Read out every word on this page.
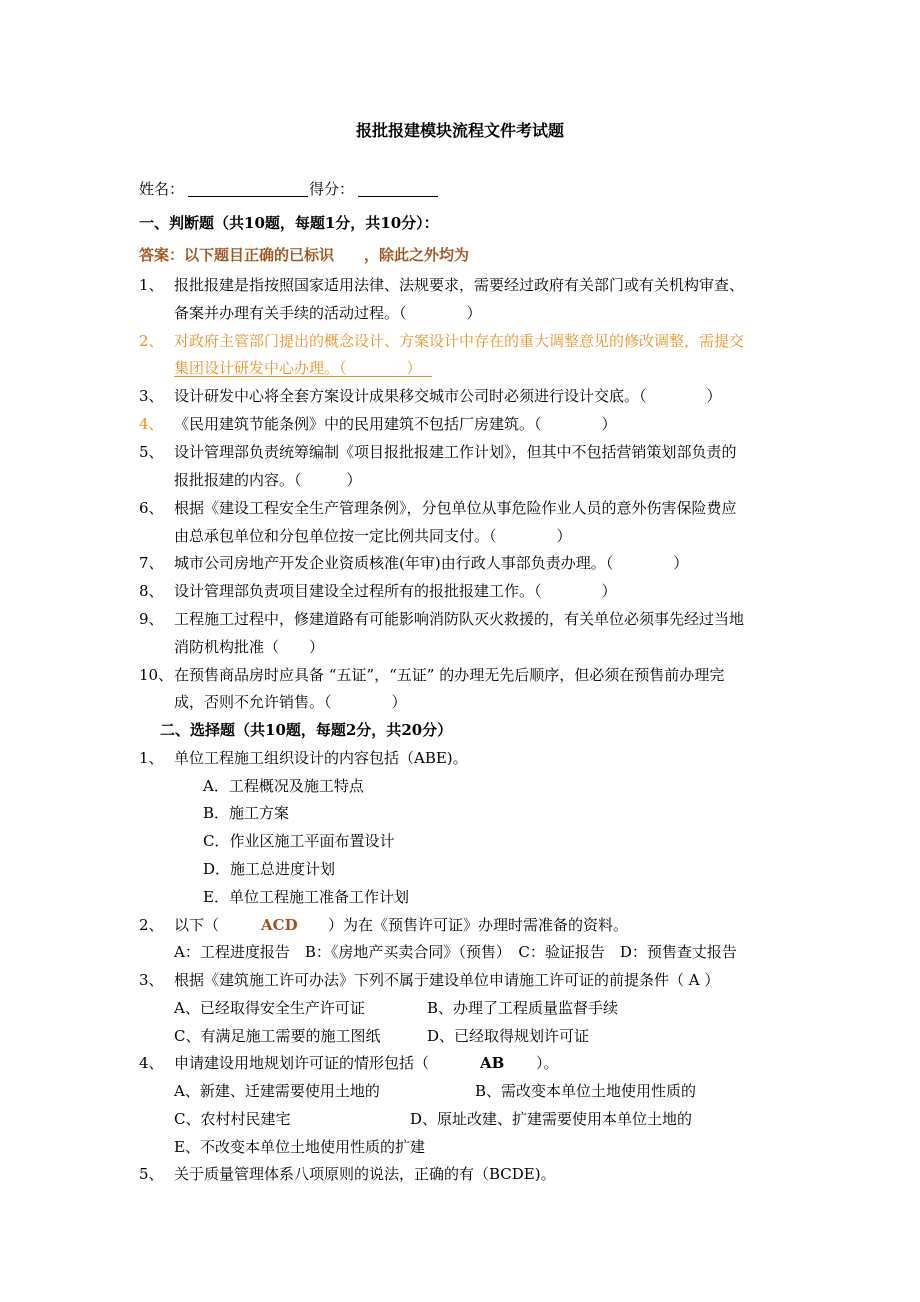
报批报建模块流程文件考试题
姓名：	得分：
一、判断题（共10题，每题1分，共10分）：
答案：以下题目正确的已标识　　，除此之外均为
1、 报批报建是指按照国家适用法律、法规要求，需要经过政府有关部门或有关机构审查、
备案并办理有关手续的活动过程。（　　　　）
2、 对政府主管部门提出的概念设计、方案设计中存在的重大调整意见的修改调整，需提交
集团设计研发中心办理。（　　　　）
3、 设计研发中心将全套方案设计成果移交城市公司时必须进行设计交底。（　　　　）
4、 《民用建筑节能条例》中的民用建筑不包括厂房建筑。（　　　　）
5、 设计管理部负责统筹编制《项目报批报建工作计划》，但其中不包括营销策划部负责的
报批报建的内容。（　　　）
6、 根据《建设工程安全生产管理条例》，分包单位从事危险作业人员的意外伤害保险费应
由总承包单位和分包单位按一定比例共同支付。（　　　　）
7、 城市公司房地产开发企业资质核准(年审)由行政人事部负责办理。（　　　　）
8、 设计管理部负责项目建设全过程所有的报批报建工作。（　　　　）
9、 工程施工过程中，修建道路有可能影响消防队灭火救援的，有关单位必须事先经过当地
消防机构批准（　　）
10、 在预售商品房时应具备 “五证”，“五证” 的办理无先后顺序，但必须在预售前办理完
成，否则不允许销售。（　　　　）
二、选择题（共10题，每题2分，共20分）
1、 单位工程施工组织设计的内容包括（ABE)。
A．工程概况及施工特点
B．施工方案
C．作业区施工平面布置设计
D．施工总进度计划
E．单位工程施工准备工作计划
2、 以下（	ACD ）为在《预售许可证》办理时需准备的资料。
A：工程进度报告　B：《房地产买卖合同》（预售）　C：验证报告　D：预售查丈报告
3、 根据《建筑施工许可办法》下列不属于建设单位申请施工许可证的前提条件（ A ）
A、已经取得安全生产许可证	B、办理了工程质量监督手续
C、有满足施工需要的施工图纸	D、已经取得规划许可证
4、 申请建设用地规划许可证的情形包括（	AB ）。
A、新建、迁建需要使用土地的	B、需改变本单位土地使用性质的
C、农村村民建宅	D、原址改建、扩建需要使用本单位土地的
E、不改变本单位土地使用性质的扩建
5、 关于质量管理体系八项原则的说法，正确的有（BCDE)。
